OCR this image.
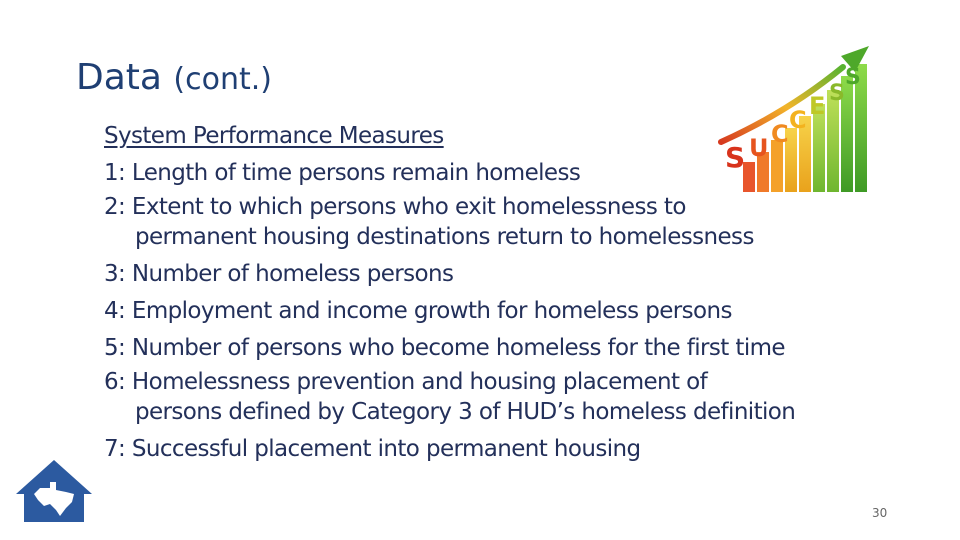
Data (cont.)
S U C C E S
S
System Performance Measures
1: Length of time persons remain homeless
2: Extent to which persons who exit homelessness to
permanent housing destinations return to homelessness
3: Number of homeless persons
4: Employment and income growth for homeless persons
5: Number of persons who become homeless for the first time
6: Homelessness prevention and housing placement of
persons defined by Category 3 of HUD’s homeless definition
7: Successful placement into permanent housing
30
